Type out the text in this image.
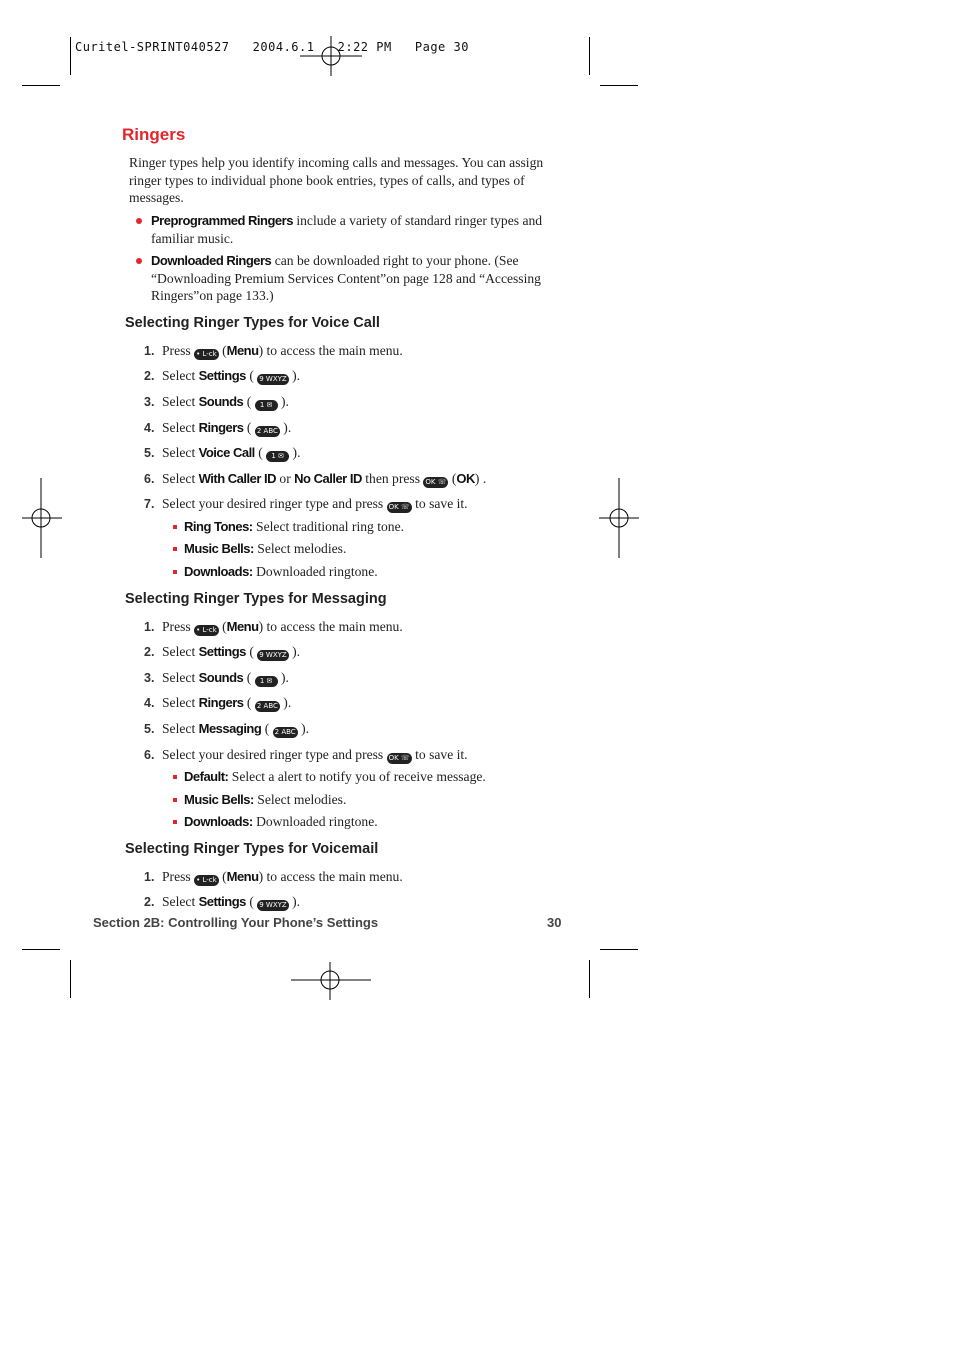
Curitel-SPRINT040527   2004.6.1   2:22 PM   Page 30
Ringers
Ringer types help you identify incoming calls and messages. You can assign ringer types to individual phone book entries, types of calls, and types of messages.
Preprogrammed Ringers include a variety of standard ringer types and familiar music.
Downloaded Ringers can be downloaded right to your phone. (See “Downloading Premium Services Content”on page 128 and “Accessing Ringers”on page 133.)
Selecting Ringer Types for Voice Call
1. Press • L-ck (Menu) to access the main menu.
2. Select Settings ( 9 WXYZ ).
3. Select Sounds ( 1 ✉ ).
4. Select Ringers ( 2 ABC ).
5. Select Voice Call ( 1 ✉ ).
6. Select With Caller ID or No Caller ID then press OK ☏ (OK) .
7. Select your desired ringer type and press OK ☏ to save it.
Ring Tones: Select traditional ring tone.
Music Bells: Select melodies.
Downloads: Downloaded ringtone.
Selecting Ringer Types for Messaging
1. Press • L-ck (Menu) to access the main menu.
2. Select Settings ( 9 WXYZ ).
3. Select Sounds ( 1 ✉ ).
4. Select Ringers ( 2 ABC ).
5. Select Messaging ( 2 ABC ).
6. Select your desired ringer type and press OK ☏ to save it.
Default: Select a alert to notify you of receive message.
Music Bells: Select melodies.
Downloads: Downloaded ringtone.
Selecting Ringer Types for Voicemail
1. Press • L-ck (Menu) to access the main menu.
2. Select Settings ( 9 WXYZ ).
Section 2B: Controlling Your Phone’s Settings	30
